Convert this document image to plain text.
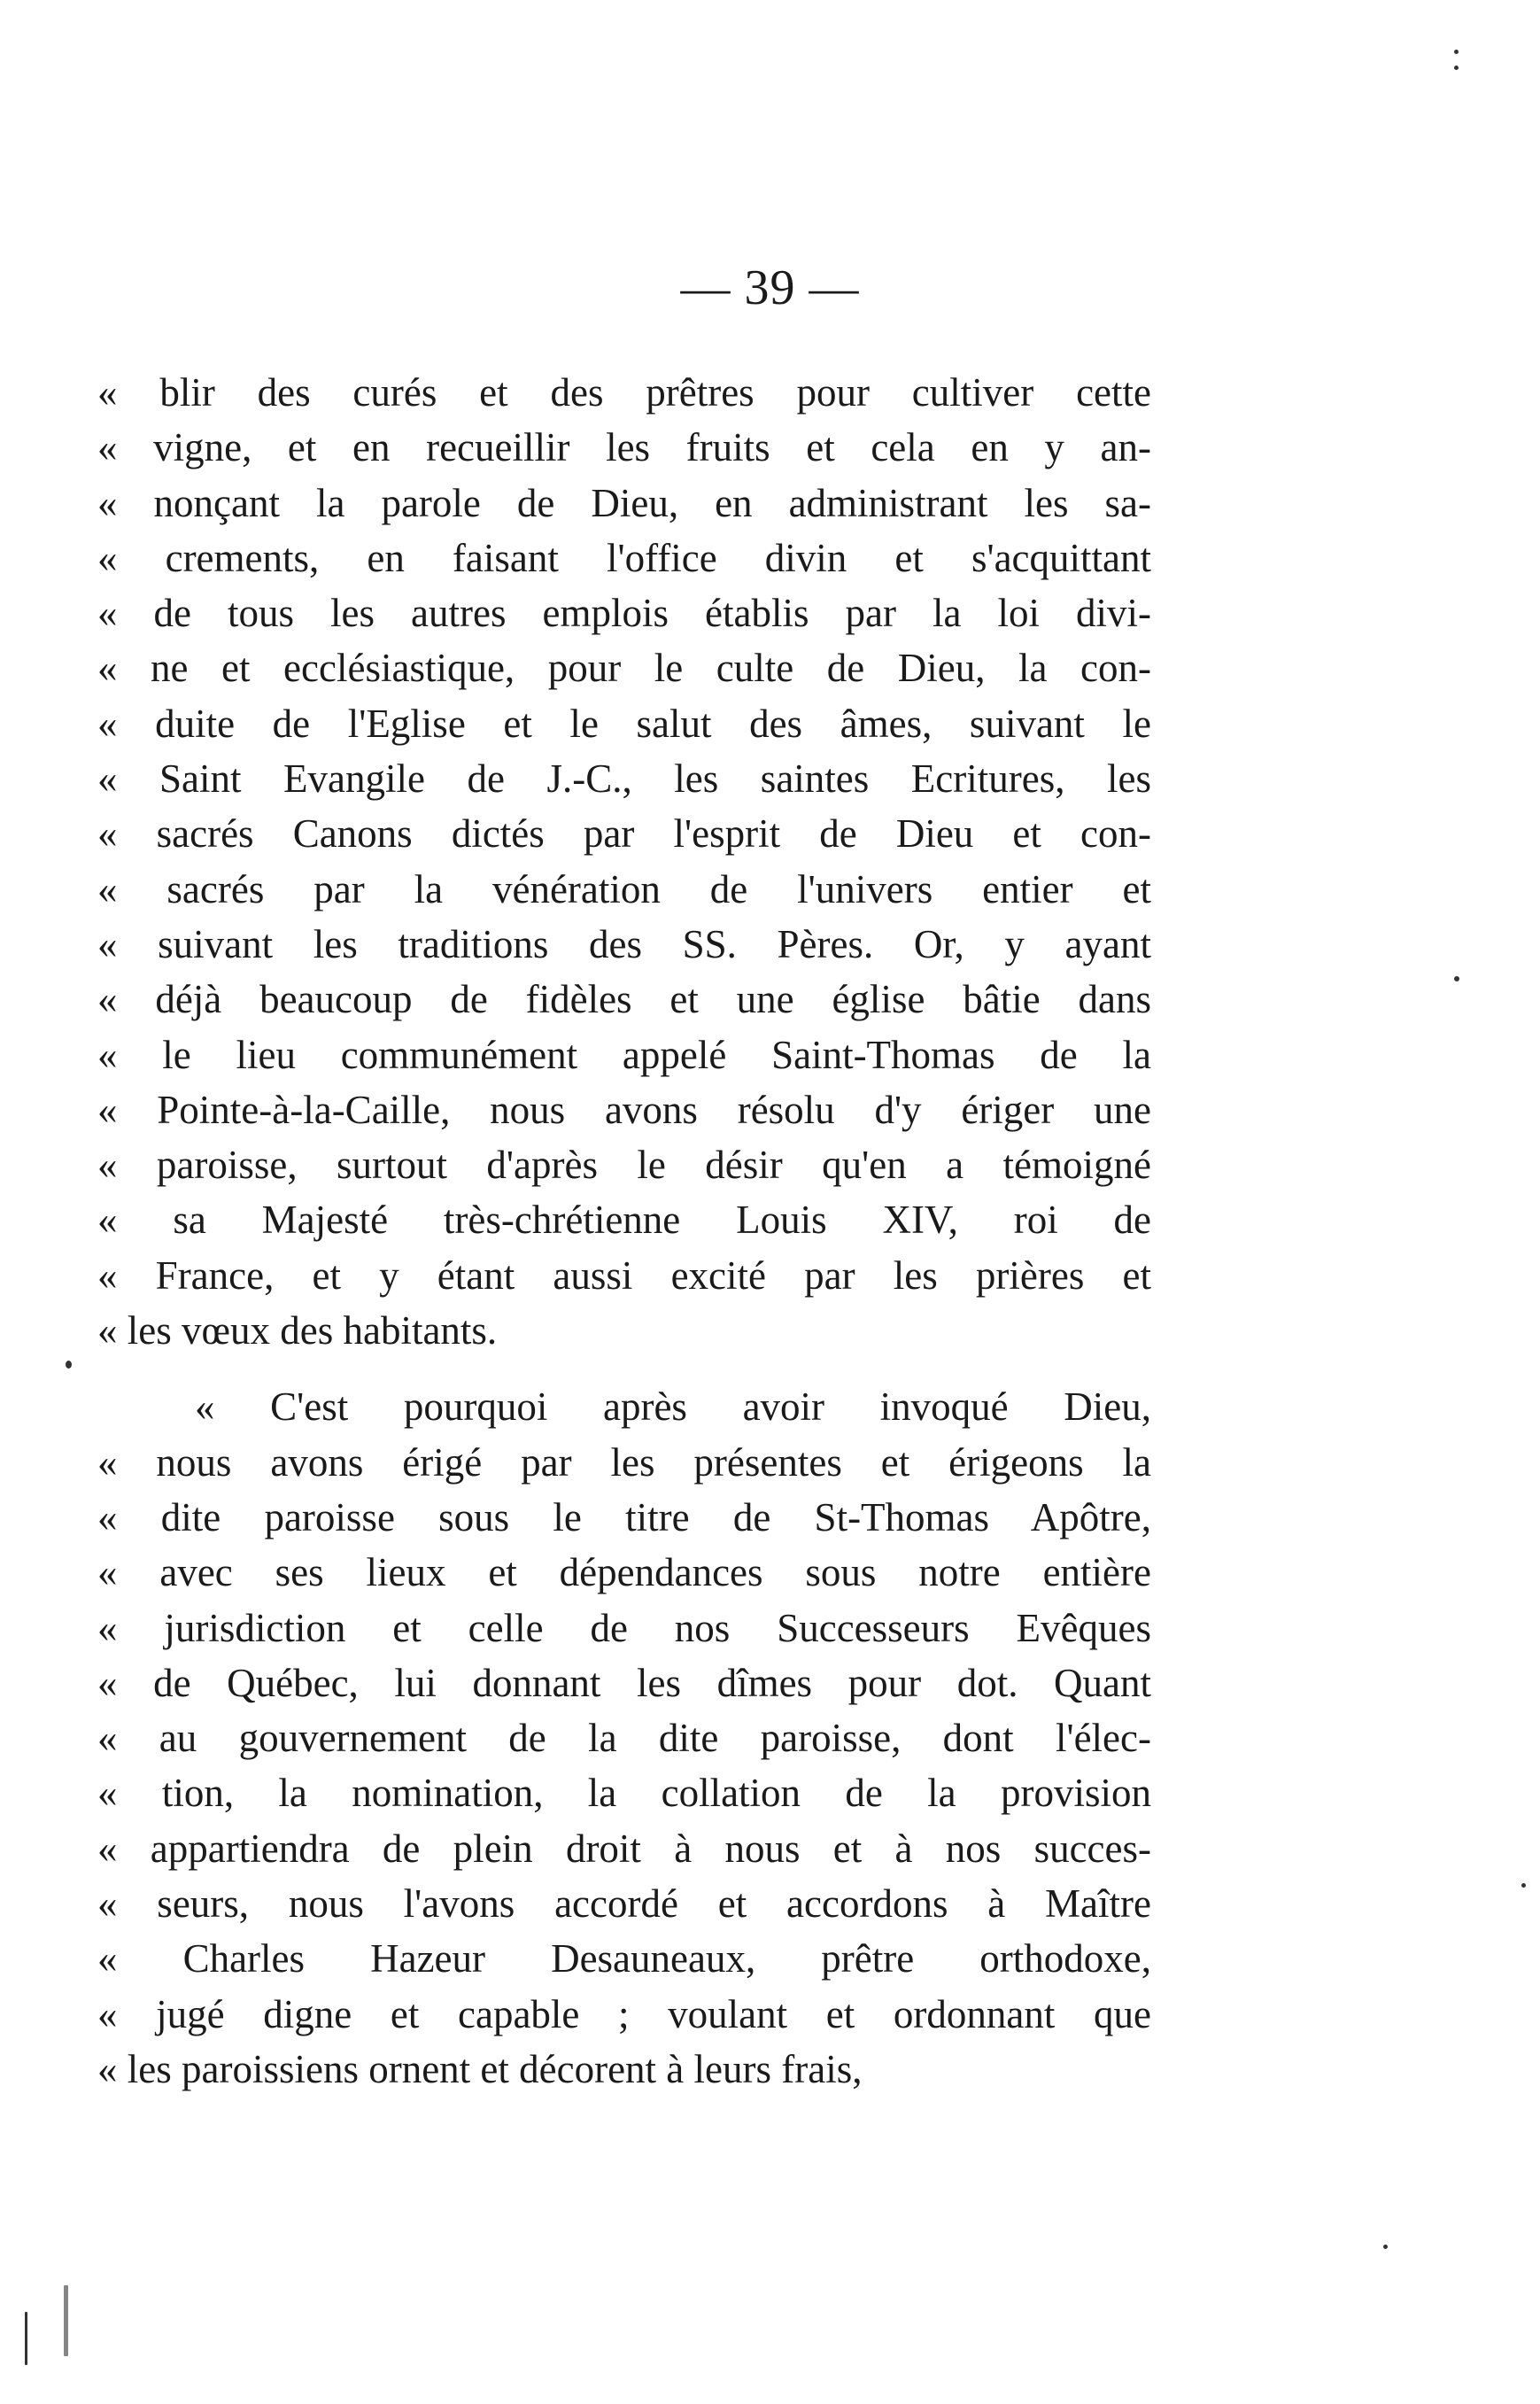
— 39 —
« blir des curés et des prêtres pour cultiver cette
« vigne, et en recueillir les fruits et cela en y an-
« nonçant la parole de Dieu, en administrant les sa-
« crements, en faisant l'office divin et s'acquittant
« de tous les autres emplois établis par la loi divi-
« ne et ecclésiastique, pour le culte de Dieu, la con-
« duite de l'Eglise et le salut des âmes, suivant le
« Saint Evangile de J.-C., les saintes Ecritures, les
« sacrés Canons dictés par l'esprit de Dieu et con-
« sacrés par la vénération de l'univers entier et
« suivant les traditions des SS. Pères. Or, y ayant
« déjà beaucoup de fidèles et une église bâtie dans
« le lieu communément appelé Saint-Thomas de la
« Pointe-à-la-Caille, nous avons résolu d'y ériger une
« paroisse, surtout d'après le désir qu'en a témoigné
« sa Majesté très-chrétienne Louis XIV, roi de
« France, et y étant aussi excité par les prières et
« les vœux des habitants.
« C'est pourquoi après avoir invoqué Dieu,
« nous avons érigé par les présentes et érigeons la
« dite paroisse sous le titre de St-Thomas Apôtre,
« avec ses lieux et dépendances sous notre entière
« jurisdiction et celle de nos Successeurs Evêques
« de Québec, lui donnant les dîmes pour dot. Quant
« au gouvernement de la dite paroisse, dont l'élec-
« tion, la nomination, la collation de la provision
« appartiendra de plein droit à nous et à nos succes-
« seurs, nous l'avons accordé et accordons à Maître
« Charles Hazeur Desauneaux, prêtre orthodoxe,
« jugé digne et capable ; voulant et ordonnant que
« les paroissiens ornent et décorent à leurs frais,
